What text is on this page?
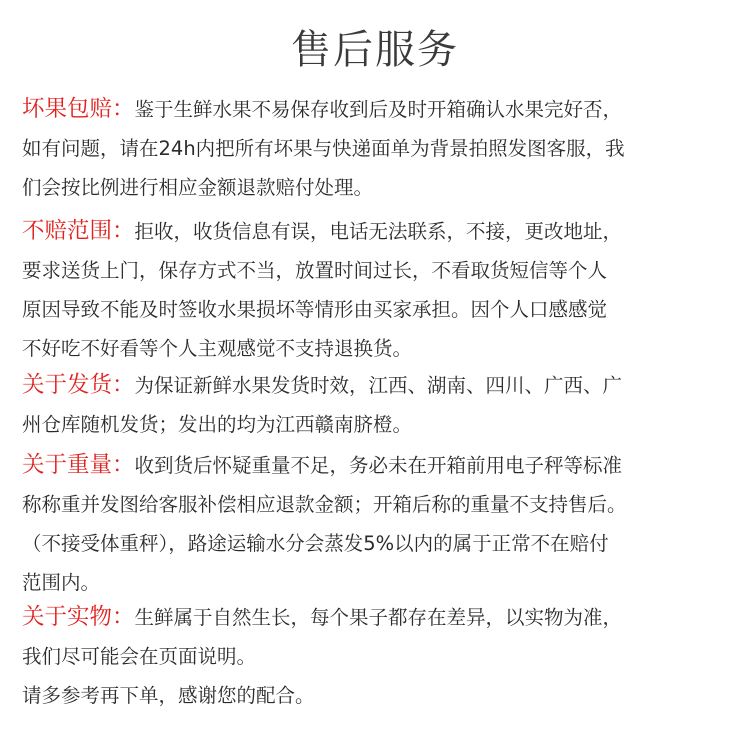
售后服务
坏果包赔：鉴于生鲜水果不易保存收到后及时开箱确认水果完好否，
如有问题，请在24h内把所有坏果与快递面单为背景拍照发图客服，我
们会按比例进行相应金额退款赔付处理。
不赔范围：拒收，收货信息有误，电话无法联系，不接，更改地址，
要求送货上门，保存方式不当，放置时间过长，不看取货短信等个人
原因导致不能及时签收水果损坏等情形由买家承担。因个人口感感觉
不好吃不好看等个人主观感觉不支持退换货。
关于发货：为保证新鲜水果发货时效，江西、湖南、四川、广西、广
州仓库随机发货；发出的均为江西赣南脐橙。
关于重量：收到货后怀疑重量不足，务必未在开箱前用电子秤等标准
称称重并发图给客服补偿相应退款金额；开箱后称的重量不支持售后。
（不接受体重秤），路途运输水分会蒸发5%以内的属于正常不在赔付
范围内。
关于实物：生鲜属于自然生长，每个果子都存在差异，以实物为准，
我们尽可能会在页面说明。
请多参考再下单，感谢您的配合。
